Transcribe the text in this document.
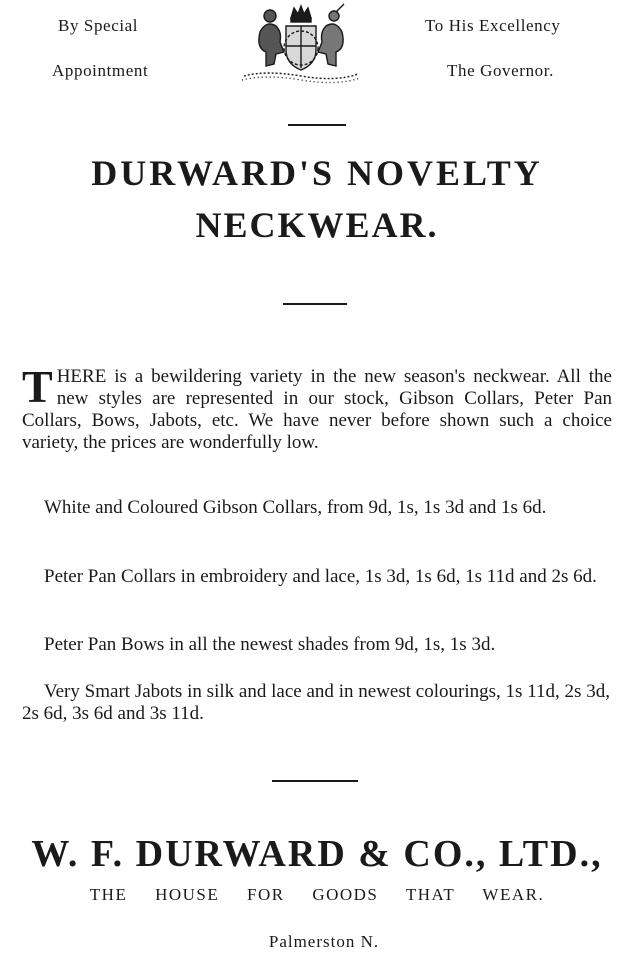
By Special
Appointment
To His Excellency
The Governor.
DURWARD'S NOVELTY
NECKWEAR.
THERE is a bewildering variety in the new season's neckwear. All the new styles are represented in our stock, Gibson Collars, Peter Pan Collars, Bows, Jabots, etc. We have never before shown such a choice variety, the prices are wonderfully low.
White and Coloured Gibson Collars, from 9d, 1s, 1s 3d and 1s 6d.
Peter Pan Collars in embroidery and lace, 1s 3d, 1s 6d, 1s 11d and 2s 6d.
Peter Pan Bows in all the newest shades from 9d, 1s, 1s 3d.
Very Smart Jabots in silk and lace and in newest colourings, 1s 11d, 2s 3d, 2s 6d, 3s 6d and 3s 11d.
W. F. DURWARD & CO., LTD.,
THE HOUSE FOR GOODS THAT WEAR.
Palmerston N.
